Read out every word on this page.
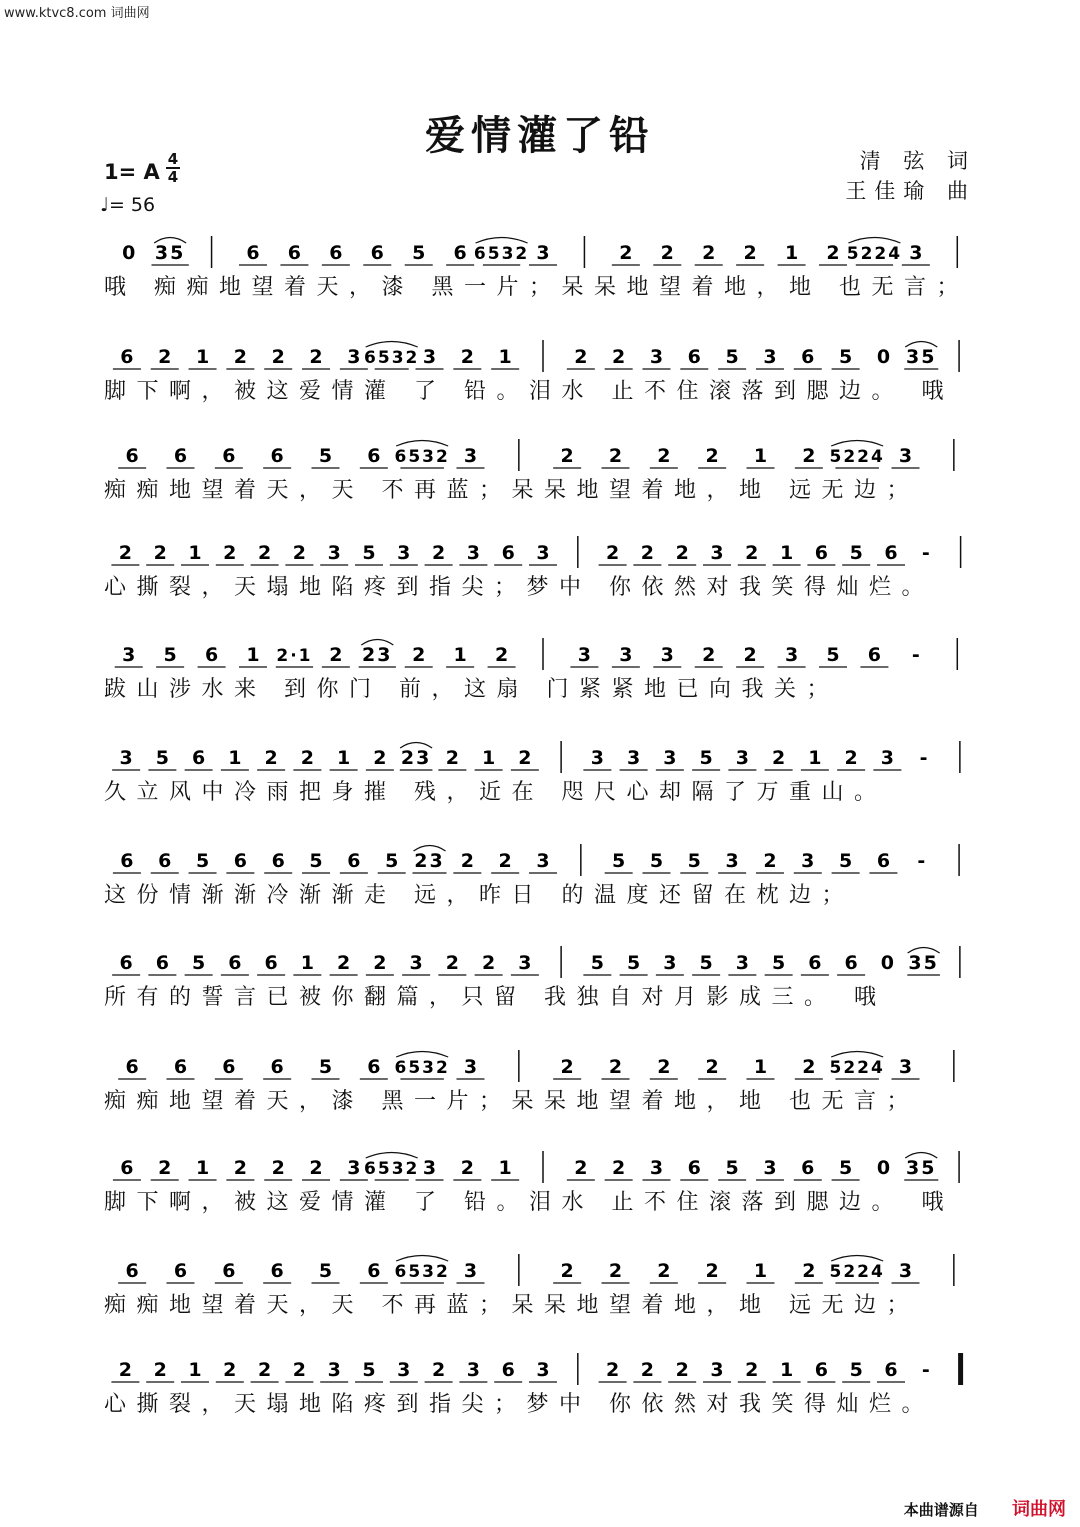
www.ktvc8.com 词曲网
爱情灌了铅
清 弦 词
王佳瑜 曲
1= A
4
4
♩= 56
0 35	6 6 6 6 5 6 6532 3	2 2 2 2 1 2 5224 3
哦 痴痴地望着天，漆 黑一片；呆呆地望着地，地 也无言；
6 2 1 2 2 2 3 6532 3 2 1	2 2 3 6 5 3 6 5 0 35
脚下啊，被这爱情灌 了 铅。泪水 止不住滚落到腮边。 哦
6 6 6 6 5 6 6532 3	2 2 2 2 1 2 5224 3
痴痴地望着天，天 不再蓝；呆呆地望着地，地 远无边；
2 2 1 2 2 2 3 5 3 2 3 6 3	2 2 2 3 2 1 6 5 6 -
心撕裂，天塌地陷疼到指尖；梦中 你依然对我笑得灿烂。
3 5 6 1 2·1 2 23 2 1 2	3 3 3 2 2 3 5 6 -
跋山涉水来 到你门 前，这扇 门紧紧地已向我关；
3 5 6 1 2 2 1 2 23 2 1 2	3 3 3 5 3 2 1 2 3 -
久立风中冷雨把身摧 残，近在 咫尺心却隔了万重山。
6 6 5 6 6 5 6 5 23 2 2 3	5 5 5 3 2 3 5 6 -
这份情渐渐冷渐渐走 远，昨日 的温度还留在枕边；
6 6 5 6 6 1 2 2 3 2 2 3	5 5 3 5 3 5 6 6 0 35
所有的誓言已被你翻篇，只留 我独自对月影成三。 哦
6 6 6 6 5 6 6532 3	2 2 2 2 1 2 5224 3
痴痴地望着天，漆 黑一片；呆呆地望着地，地 也无言；
6 2 1 2 2 2 3 6532 3 2 1	2 2 3 6 5 3 6 5 0 35
脚下啊，被这爱情灌 了 铅。泪水 止不住滚落到腮边。 哦
6 6 6 6 5 6 6532 3	2 2 2 2 1 2 5224 3
痴痴地望着天，天 不再蓝；呆呆地望着地，地 远无边；
2 2 1 2 2 2 3 5 3 2 3 6 3	2 2 2 3 2 1 6 5 6 -
心撕裂，天塌地陷疼到指尖；梦中 你依然对我笑得灿烂。
本曲谱源自 词曲网
